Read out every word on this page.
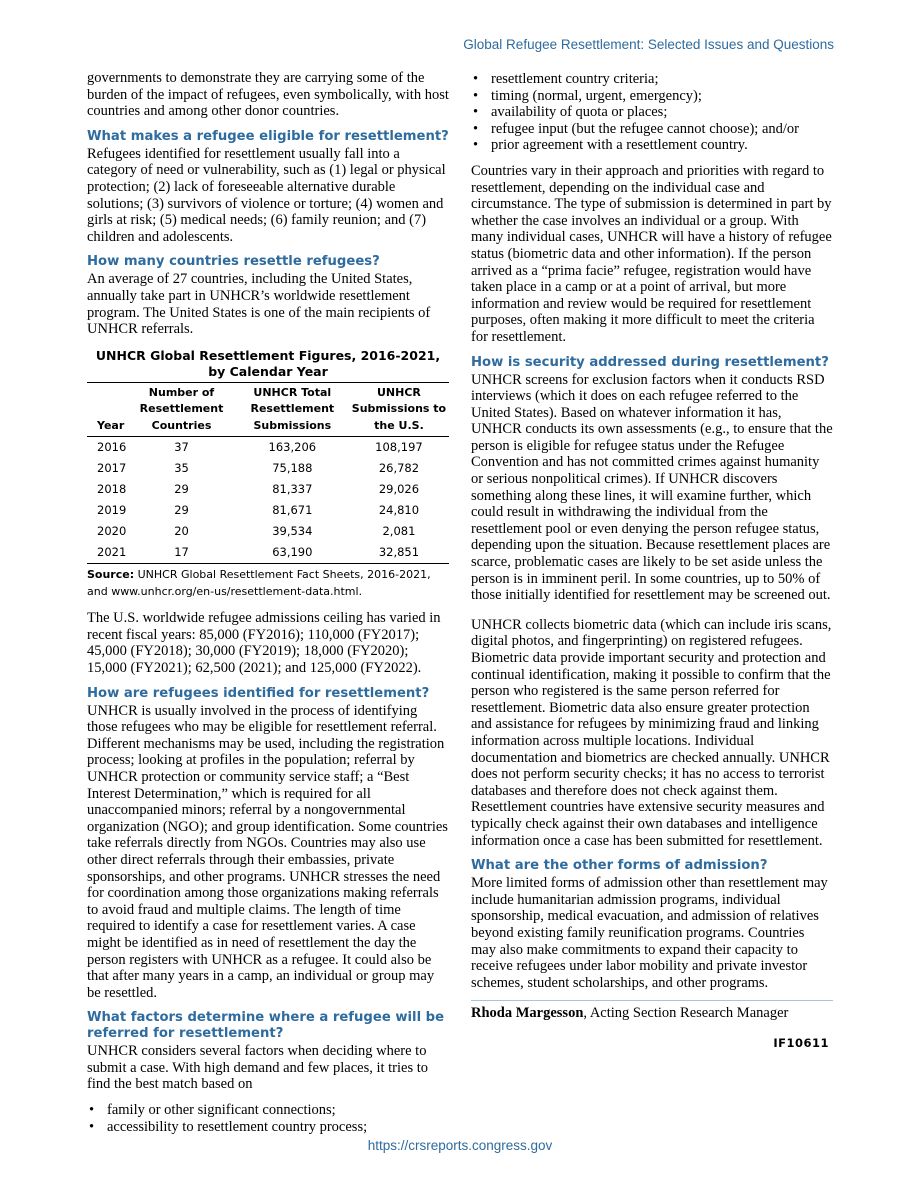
Global Refugee Resettlement: Selected Issues and Questions

governments to demonstrate they are carrying some of the burden of the impact of refugees, even symbolically, with host countries and among other donor countries.

What makes a refugee eligible for resettlement?

Refugees identified for resettlement usually fall into a category of need or vulnerability, such as (1) legal or physical protection; (2) lack of foreseeable alternative durable solutions; (3) survivors of violence or torture; (4) women and girls at risk; (5) medical needs; (6) family reunion; and (7) children and adolescents.

How many countries resettle refugees?

An average of 27 countries, including the United States, annually take part in UNHCR’s worldwide resettlement program. The United States is one of the main recipients of UNHCR referrals.

UNHCR Global Resettlement Figures, 2016-2021, by Calendar Year
Year	Number of Resettlement Countries	UNHCR Total Resettlement Submissions	UNHCR Submissions to the U.S.
2016	37	163,206	108,197
2017	35	75,188	26,782
2018	29	81,337	29,026
2019	29	81,671	24,810
2020	20	39,534	2,081
2021	17	63,190	32,851
Source: UNHCR Global Resettlement Fact Sheets, 2016-2021, and www.unhcr.org/en-us/resettlement-data.html.

The U.S. worldwide refugee admissions ceiling has varied in recent fiscal years: 85,000 (FY2016); 110,000 (FY2017); 45,000 (FY2018); 30,000 (FY2019); 18,000 (FY2020); 15,000 (FY2021); 62,500 (2021); and 125,000 (FY2022).

How are refugees identified for resettlement?

UNHCR is usually involved in the process of identifying those refugees who may be eligible for resettlement referral. Different mechanisms may be used, including the registration process; looking at profiles in the population; referral by UNHCR protection or community service staff; a “Best Interest Determination,” which is required for all unaccompanied minors; referral by a nongovernmental organization (NGO); and group identification. Some countries take referrals directly from NGOs. Countries may also use other direct referrals through their embassies, private sponsorships, and other programs. UNHCR stresses the need for coordination among those organizations making referrals to avoid fraud and multiple claims. The length of time required to identify a case for resettlement varies. A case might be identified as in need of resettlement the day the person registers with UNHCR as a refugee. It could also be that after many years in a camp, an individual or group may be resettled.

What factors determine where a refugee will be referred for resettlement?

UNHCR considers several factors when deciding where to submit a case. With high demand and few places, it tries to find the best match based on

• family or other significant connections;
• accessibility to resettlement country process;
• resettlement country criteria;
• timing (normal, urgent, emergency);
• availability of quota or places;
• refugee input (but the refugee cannot choose); and/or
• prior agreement with a resettlement country.

Countries vary in their approach and priorities with regard to resettlement, depending on the individual case and circumstance. The type of submission is determined in part by whether the case involves an individual or a group. With many individual cases, UNHCR will have a history of refugee status (biometric data and other information). If the person arrived as a “prima facie” refugee, registration would have taken place in a camp or at a point of arrival, but more information and review would be required for resettlement purposes, often making it more difficult to meet the criteria for resettlement.

How is security addressed during resettlement?

UNHCR screens for exclusion factors when it conducts RSD interviews (which it does on each refugee referred to the United States). Based on whatever information it has, UNHCR conducts its own assessments (e.g., to ensure that the person is eligible for refugee status under the Refugee Convention and has not committed crimes against humanity or serious nonpolitical crimes). If UNHCR discovers something along these lines, it will examine further, which could result in withdrawing the individual from the resettlement pool or even denying the person refugee status, depending upon the situation. Because resettlement places are scarce, problematic cases are likely to be set aside unless the person is in imminent peril. In some countries, up to 50% of those initially identified for resettlement may be screened out.

UNHCR collects biometric data (which can include iris scans, digital photos, and fingerprinting) on registered refugees. Biometric data provide important security and protection and continual identification, making it possible to confirm that the person who registered is the same person referred for resettlement. Biometric data also ensure greater protection and assistance for refugees by minimizing fraud and linking information across multiple locations. Individual documentation and biometrics are checked annually. UNHCR does not perform security checks; it has no access to terrorist databases and therefore does not check against them. Resettlement countries have extensive security measures and typically check against their own databases and intelligence information once a case has been submitted for resettlement.

What are the other forms of admission?

More limited forms of admission other than resettlement may include humanitarian admission programs, individual sponsorship, medical evacuation, and admission of relatives beyond existing family reunification programs. Countries may also make commitments to expand their capacity to receive refugees under labor mobility and private investor schemes, student scholarships, and other programs.

Rhoda Margesson, Acting Section Research Manager

IF10611
https://crsreports.congress.gov
